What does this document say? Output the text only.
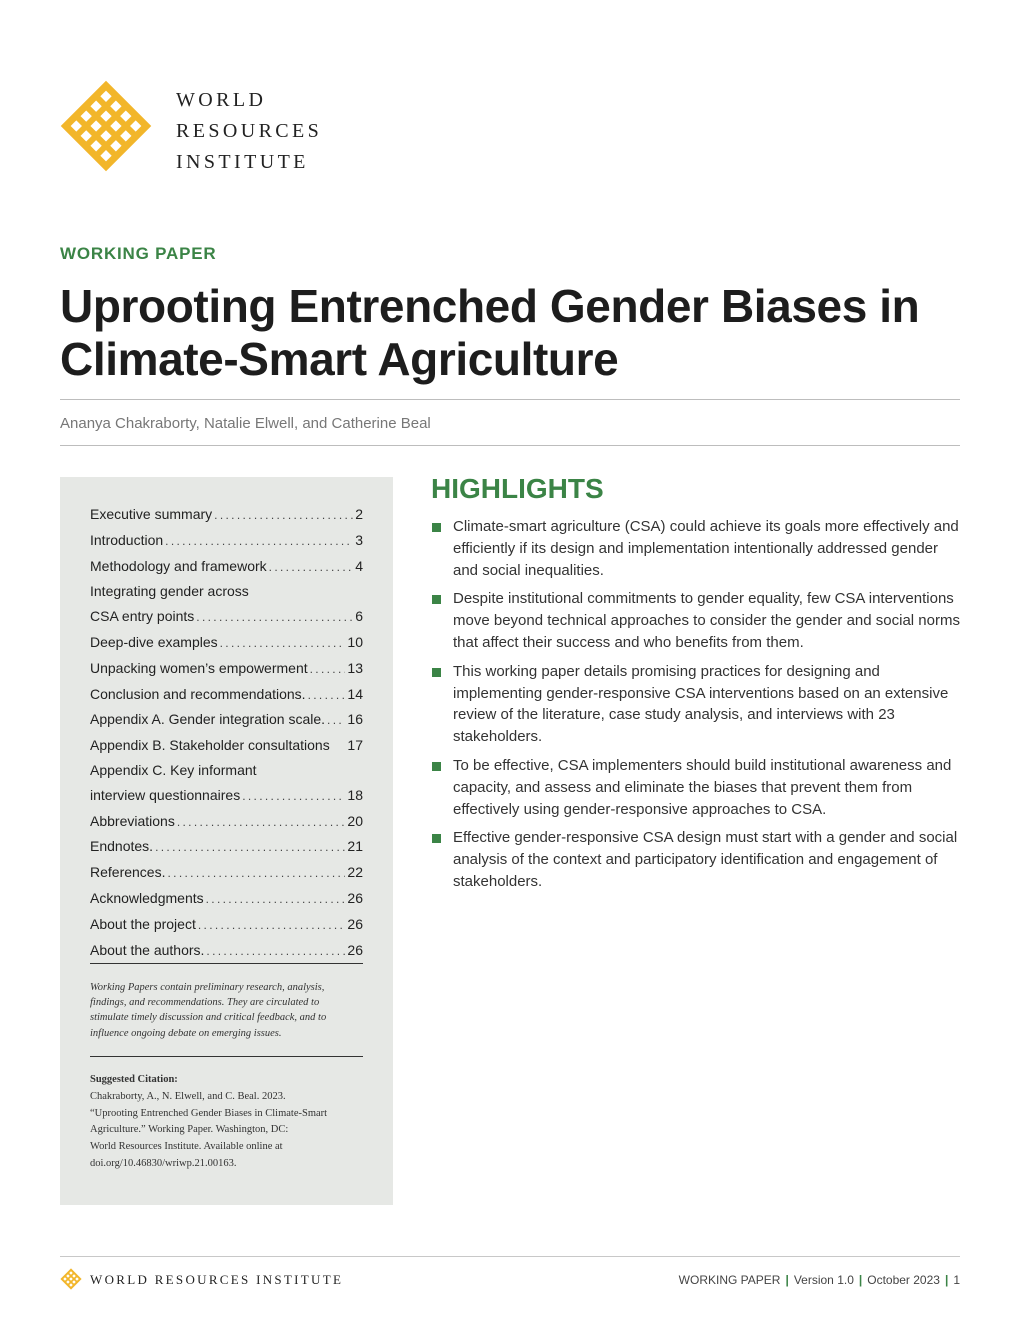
WORLD
RESOURCES
INSTITUTE
WORKING PAPER
Uprooting Entrenched Gender Biases in
Climate-Smart Agriculture
Ananya Chakraborty, Natalie Elwell, and Catherine Beal
Executive summary . . .	2
Introduction . . .	3
Methodology and framework . . .	4
Integrating gender across
CSA entry points . . .	6
Deep-dive examples . . .	10
Unpacking women’s empowerment . . .	13
Conclusion and recommendations. . . .	14
Appendix A. Gender integration scale. . . . 16
Appendix B. Stakeholder consultations 17
Appendix C. Key informant
interview questionnaires . . .	18
Abbreviations . . .	20
Endnotes. . . .	21
References. . . .	22
Acknowledgments . . .	26
About the project . . .	26
About the authors. . . .	26

Working Papers contain preliminary research, analysis, findings, and recommendations. They are circulated to stimulate timely discussion and critical feedback, and to influence ongoing debate on emerging issues.

Suggested Citation:
Chakraborty, A., N. Elwell, and C. Beal. 2023.
“Uprooting Entrenched Gender Biases in Climate-Smart
Agriculture.” Working Paper. Washington, DC:
World Resources Institute. Available online at
doi.org/10.46830/wriwp.21.00163.
HIGHLIGHTS
Climate-smart agriculture (CSA) could achieve its goals more effectively and efficiently if its design and implementation intentionally addressed gender and social inequalities.
Despite institutional commitments to gender equality, few CSA interventions move beyond technical approaches to consider the gender and social norms that affect their success and who benefits from them.
This working paper details promising practices for designing and implementing gender-responsive CSA interventions based on an extensive review of the literature, case study analysis, and interviews with 23 stakeholders.
To be effective, CSA implementers should build institutional awareness and capacity, and assess and eliminate the biases that prevent them from effectively using gender-responsive approaches to CSA.
Effective gender-responsive CSA design must start with a gender and social analysis of the context and participatory identification and engagement of stakeholders.
WORLD RESOURCES INSTITUTE	WORKING PAPER | Version 1.0 | October 2023 | 1
